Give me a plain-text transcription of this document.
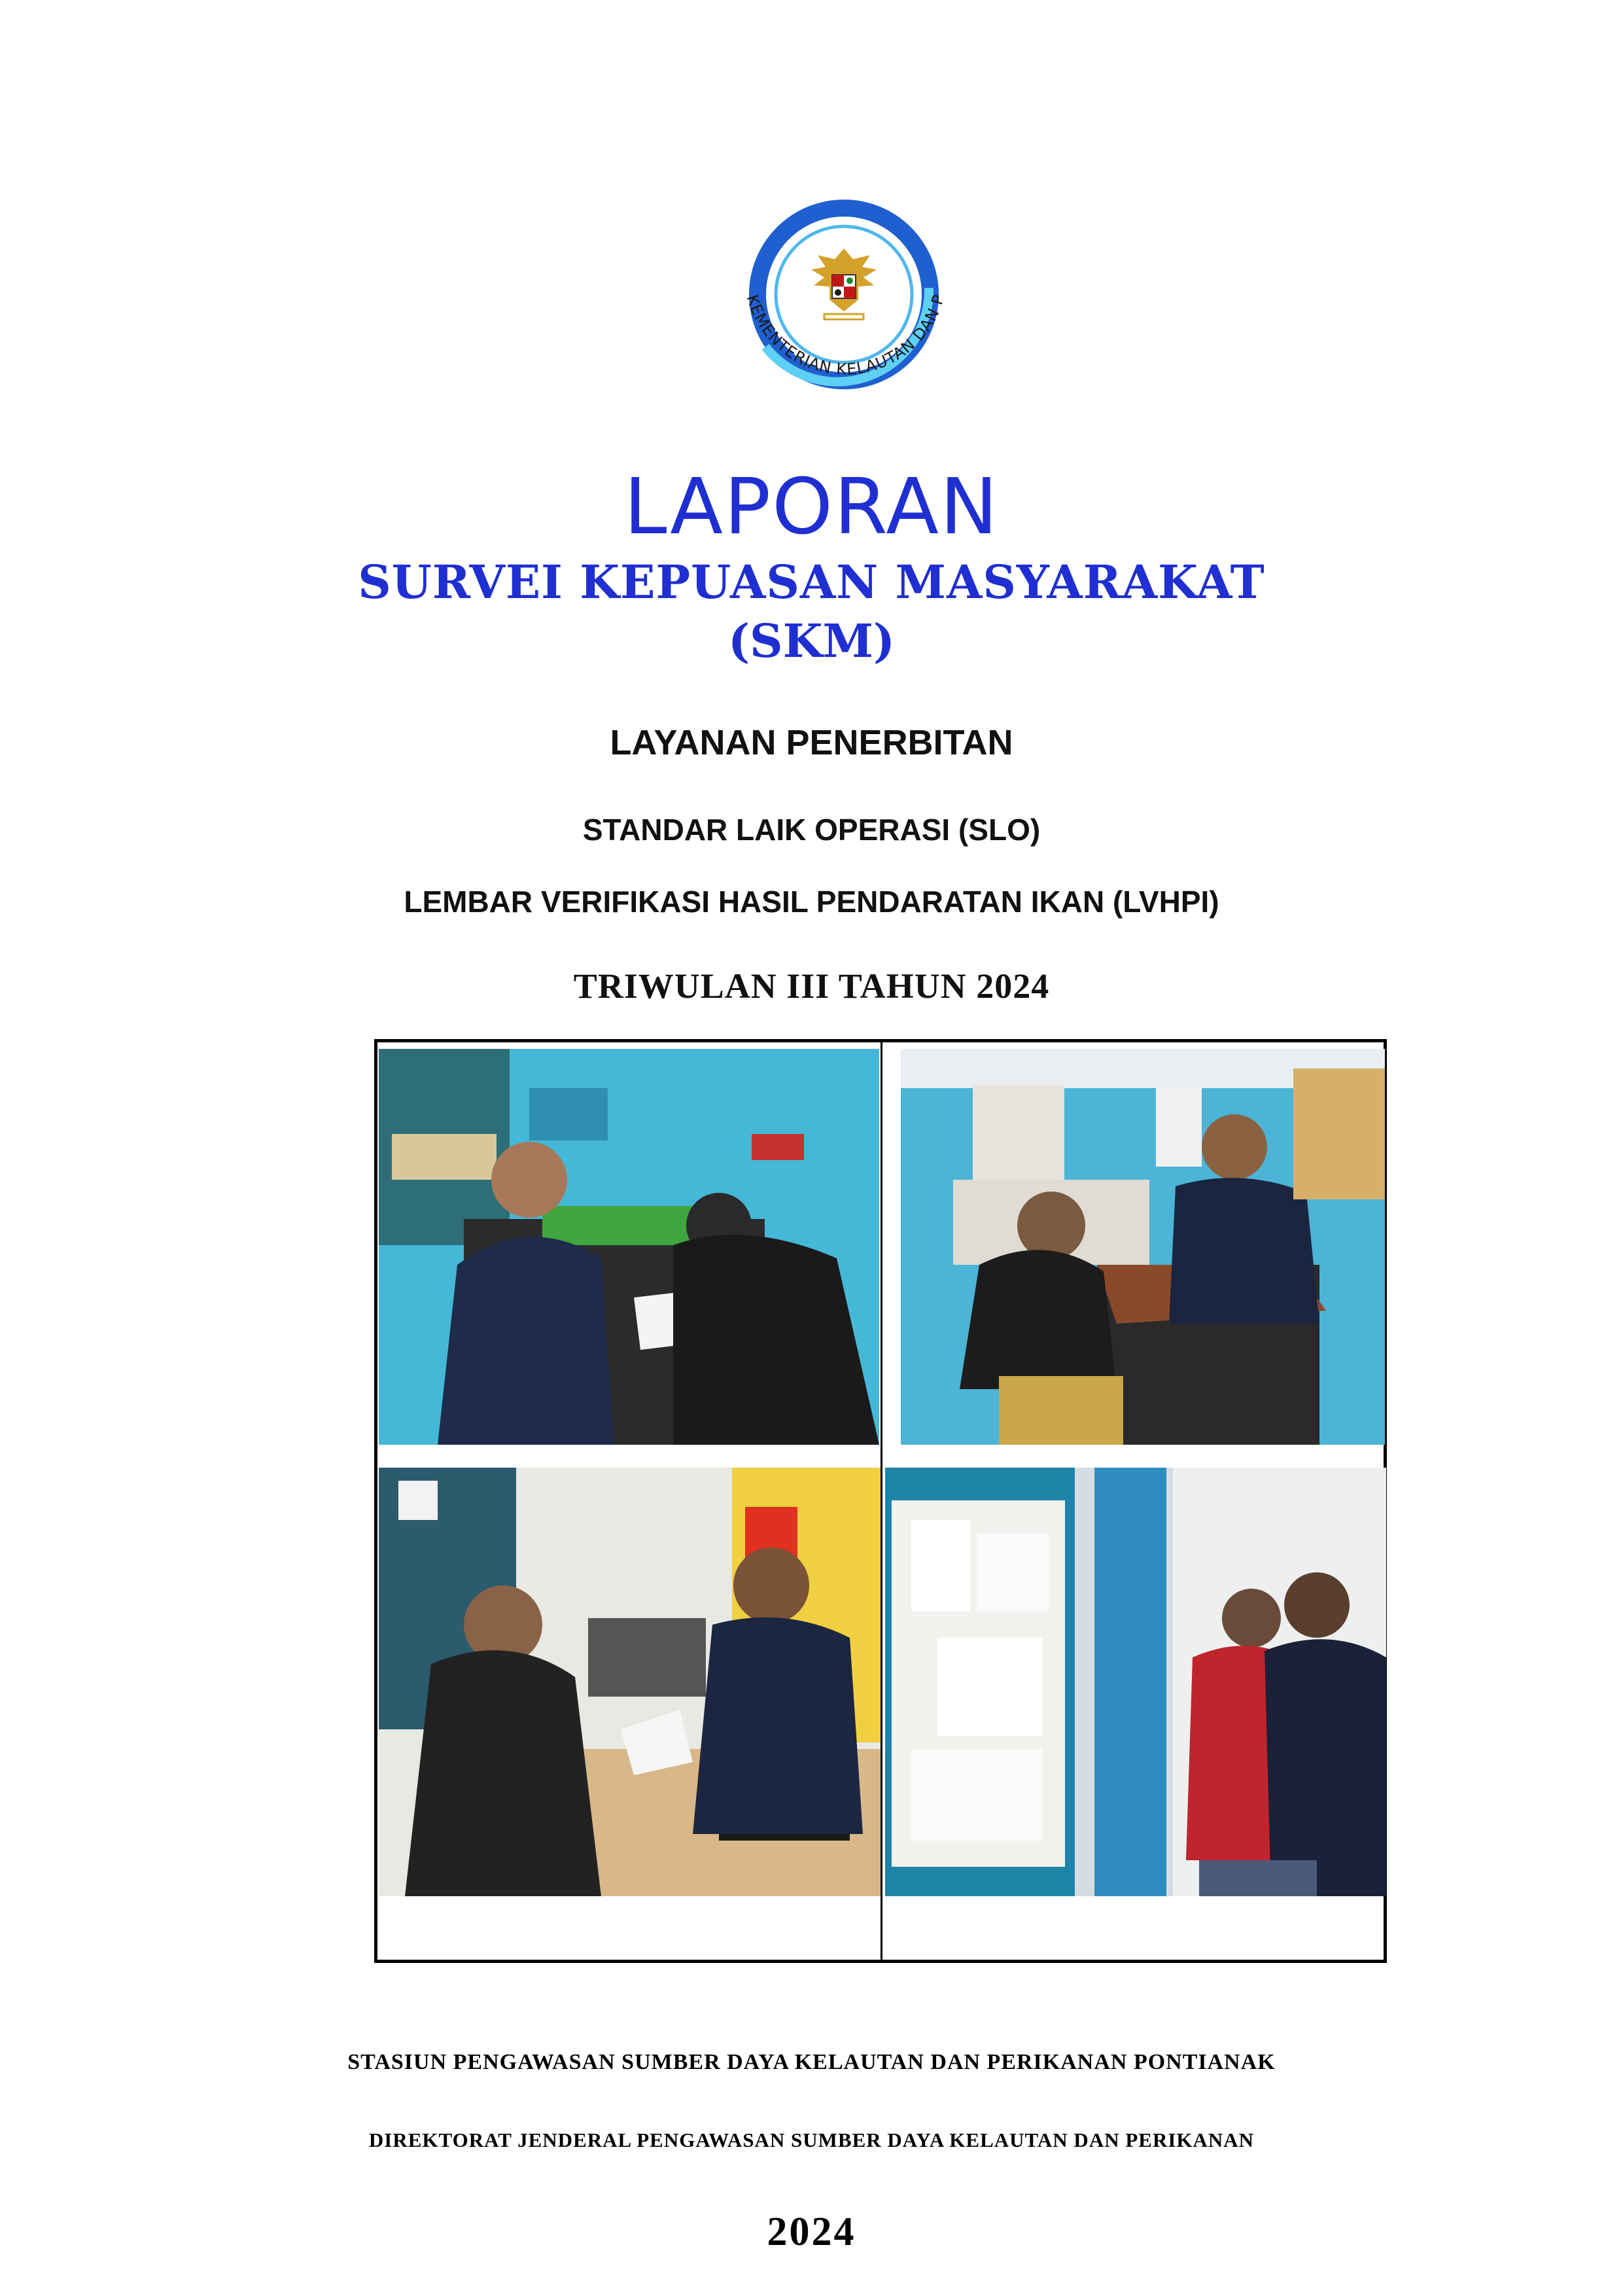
KEMENTERIAN KELAUTAN DAN P
LAPORAN
SURVEI KEPUASAN MASYARAKAT
(SKM)
LAYANAN PENERBITAN
STANDAR LAIK OPERASI (SLO)
LEMBAR VERIFIKASI HASIL PENDARATAN IKAN (LVHPI)
TRIWULAN III TAHUN 2024
STASIUN PENGAWASAN SUMBER DAYA KELAUTAN DAN PERIKANAN PONTIANAK
DIREKTORAT JENDERAL PENGAWASAN SUMBER DAYA KELAUTAN DAN PERIKANAN
2024
